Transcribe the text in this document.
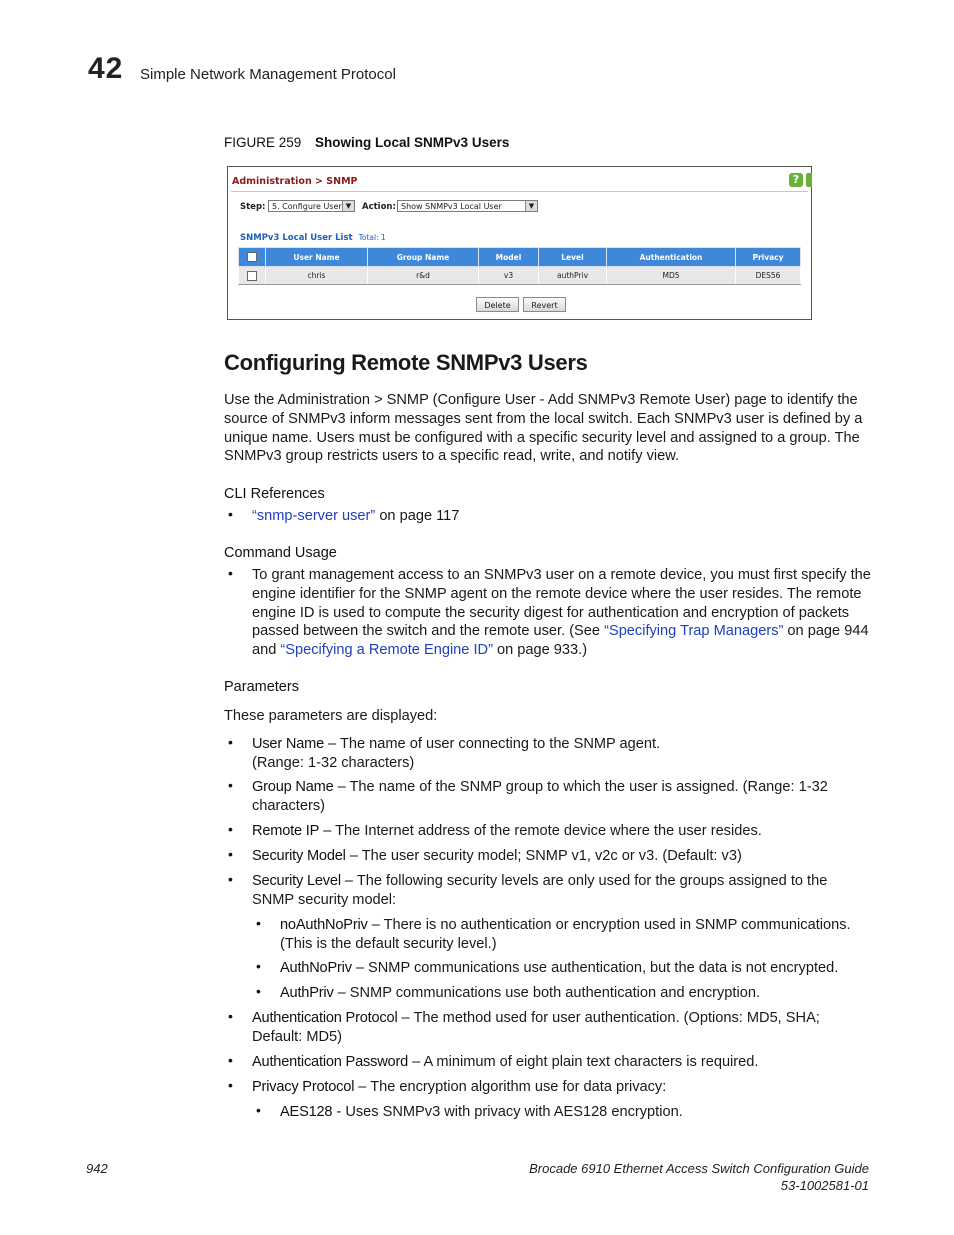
42 Simple Network Management Protocol
FIGURE 259 Showing Local SNMPv3 Users
Administration > SNMP	?
Step: 5. Configure User ▼	Action: Show SNMPv3 Local User	▼
SNMPv3 Local User List Total: 1
	User Name	Group Name	Model	Level	Authentication	Privacy
	chris	r&d	v3	authPriv	MD5	DES56
Delete	Revert
Configuring Remote SNMPv3 Users
Use the Administration > SNMP (Configure User - Add SNMPv3 Remote User) page to identify the source of SNMPv3 inform messages sent from the local switch. Each SNMPv3 user is defined by a unique name. Users must be configured with a specific security level and assigned to a group. The SNMPv3 group restricts users to a specific read, write, and notify view.
CLI References
• “snmp-server user” on page 117
Command Usage
• To grant management access to an SNMPv3 user on a remote device, you must first specify the engine identifier for the SNMP agent on the remote device where the user resides. The remote engine ID is used to compute the security digest for authentication and encryption of packets passed between the switch and the remote user. (See “Specifying Trap Managers” on page 944 and “Specifying a Remote Engine ID” on page 933.)
Parameters
These parameters are displayed:
• User Name – The name of user connecting to the SNMP agent.
(Range: 1-32 characters)
• Group Name – The name of the SNMP group to which the user is assigned. (Range: 1-32
characters)
• Remote IP – The Internet address of the remote device where the user resides.
• Security Model – The user security model; SNMP v1, v2c or v3. (Default: v3)
• Security Level – The following security levels are only used for the groups assigned to the
SNMP security model:
• noAuthNoPriv – There is no authentication or encryption used in SNMP communications.
(This is the default security level.)
• AuthNoPriv – SNMP communications use authentication, but the data is not encrypted.
• AuthPriv – SNMP communications use both authentication and encryption.
• Authentication Protocol – The method used for user authentication. (Options: MD5, SHA;
Default: MD5)
• Authentication Password – A minimum of eight plain text characters is required.
• Privacy Protocol – The encryption algorithm use for data privacy:
• AES128 - Uses SNMPv3 with privacy with AES128 encryption.
942	Brocade 6910 Ethernet Access Switch Configuration Guide
53-1002581-01
